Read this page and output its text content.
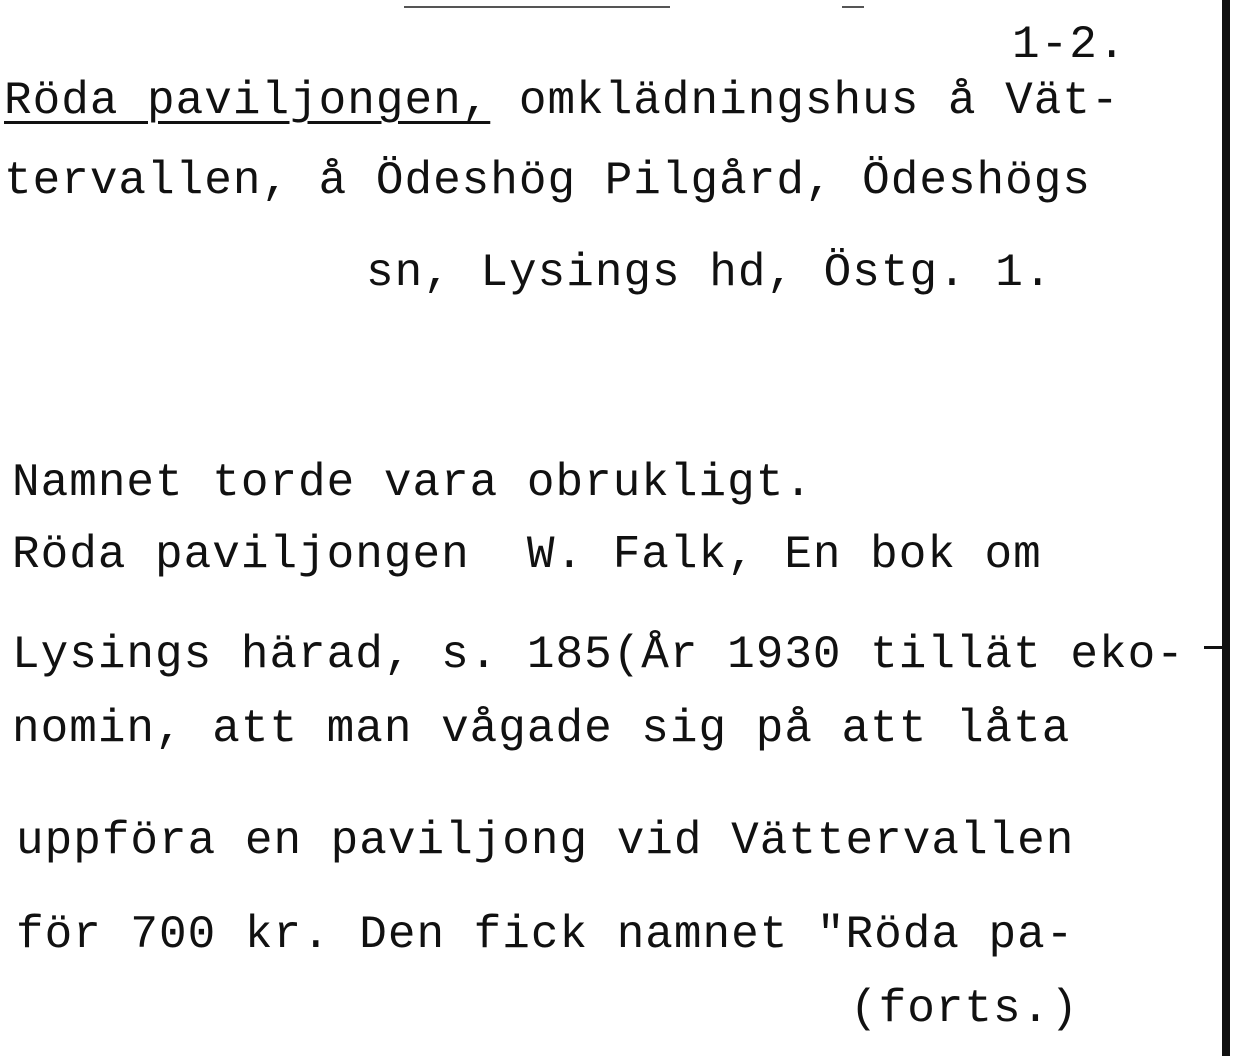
1-2.
Röda paviljongen, omklädningshus å Vät-
tervallen, å Ödeshög Pilgård, Ödeshögs
sn, Lysings hd, Östg. 1.
Namnet torde vara obrukligt.
Röda paviljongen  W. Falk, En bok om
Lysings härad, s. 185(År 1930 tillät eko-
nomin, att man vågade sig på att låta
uppföra en paviljong vid Vättervallen
för 700 kr. Den fick namnet "Röda pa-
(forts.)
